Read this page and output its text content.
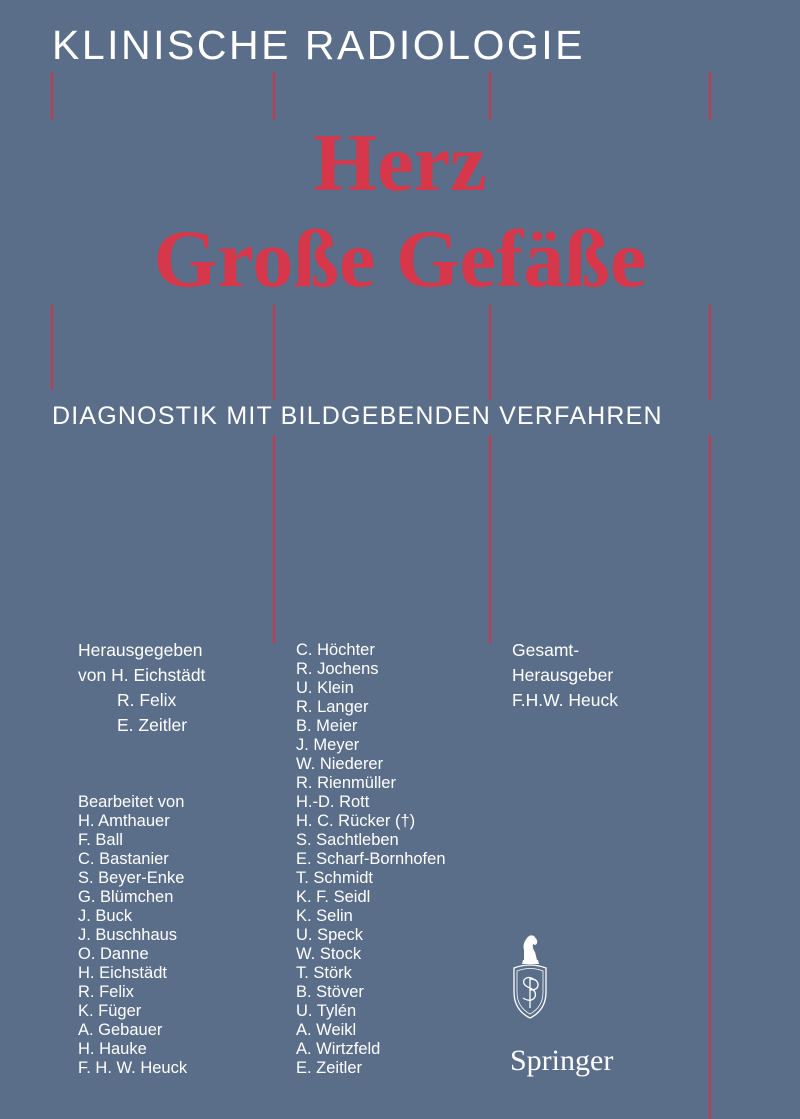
KLINISCHE RADIOLOGIE
Herz
Große Gefäße
DIAGNOSTIK MIT BILDGEBENDEN VERFAHREN
Herausgegeben
von H. Eichstädt
R. Felix
E. Zeitler
Bearbeitet von
H. Amthauer
F. Ball
C. Bastanier
S. Beyer-Enke
G. Blümchen
J. Buck
J. Buschhaus
O. Danne
H. Eichstädt
R. Felix
K. Füger
A. Gebauer
H. Hauke
F. H. W. Heuck
C. Höchter
R. Jochens
U. Klein
R. Langer
B. Meier
J. Meyer
W. Niederer
R. Rienmüller
H.-D. Rott
H. C. Rücker (†)
S. Sachtleben
E. Scharf-Bornhofen
T. Schmidt
K. F. Seidl
K. Selin
U. Speck
W. Stock
T. Störk
B. Stöver
U. Tylén
A. Weikl
A. Wirtzfeld
E. Zeitler
Gesamt-
Herausgeber
F.H.W. Heuck
Springer
